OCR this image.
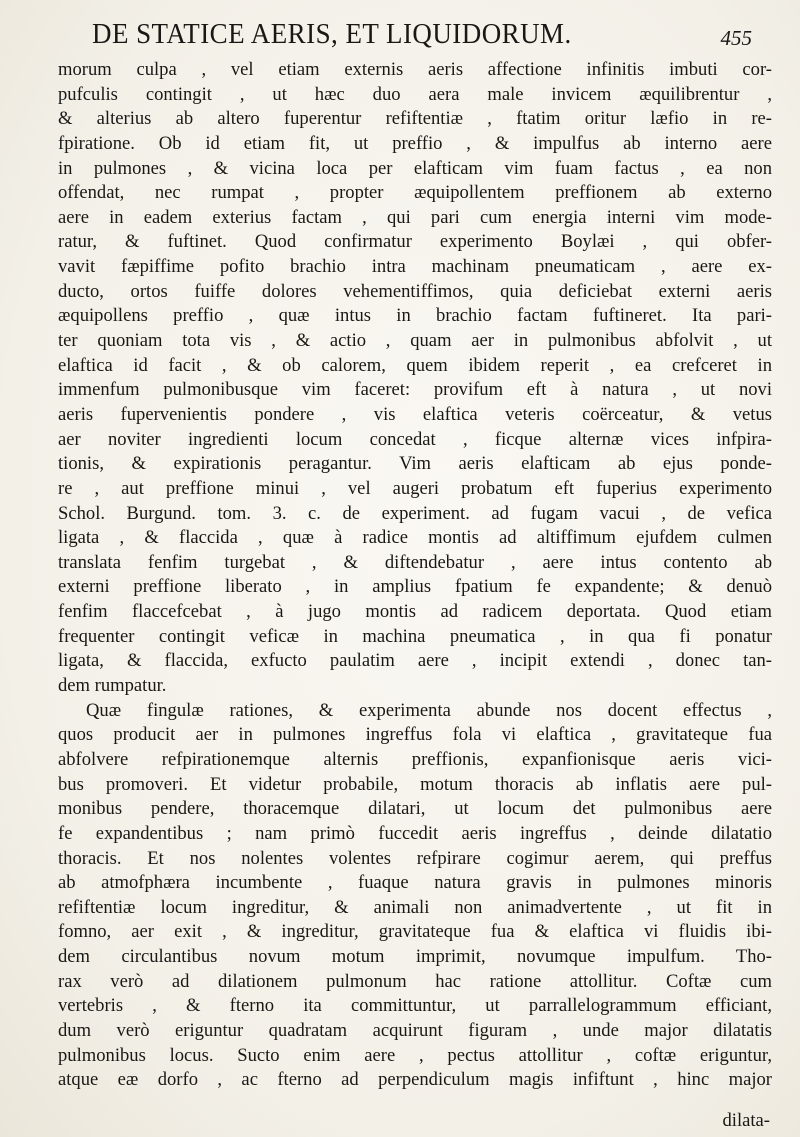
DE STATICE AERIS, ET LIQUIDORUM.	455
morum culpa , vel etiam externis aeris affectione infinitis imbuti cor-
pufculis contingit , ut hæc duo aera male invicem æquilibrentur ,
& alterius ab altero fuperentur refiftentiæ , ftatim oritur læfio in re-
fpiratione. Ob id etiam fit, ut preffio , & impulfus ab interno aere
in pulmones , & vicina loca per elafticam vim fuam factus , ea non
offendat, nec rumpat , propter æquipollentem preffionem ab externo
aere in eadem exterius factam , qui pari cum energia interni vim mode-
ratur, & fuftinet. Quod confirmatur experimento Boylæi , qui obfer-
vavit fæpiffime pofito brachio intra machinam pneumaticam , aere ex-
ducto, ortos fuiffe dolores vehementiffimos, quia deficiebat externi aeris
æquipollens preffio , quæ intus in brachio factam fuftineret. Ita pari-
ter quoniam tota vis , & actio , quam aer in pulmonibus abfolvit , ut
elaftica id facit , & ob calorem, quem ibidem reperit , ea crefceret in
immenfum pulmonibusque vim faceret: provifum eft à natura , ut novi
aeris fupervenientis pondere , vis elaftica veteris coërceatur, & vetus
aer noviter ingredienti locum concedat , ficque alternæ vices infpira-
tionis, & expirationis peragantur. Vim aeris elafticam ab ejus ponde-
re , aut preffione minui , vel augeri probatum eft fuperius experimento
Schol. Burgund. tom. 3. c. de experiment. ad fugam vacui , de vefica
ligata , & flaccida , quæ à radice montis ad altiffimum ejufdem culmen
translata fenfim turgebat , & diftendebatur , aere intus contento ab
externi preffione liberato , in amplius fpatium fe expandente; & denuò
fenfim flaccefcebat , à jugo montis ad radicem deportata. Quod etiam
frequenter contingit veficæ in machina pneumatica , in qua fi ponatur
ligata, & flaccida, exfucto paulatim aere , incipit extendi , donec tan-
dem rumpatur.
Quæ fingulæ rationes, & experimenta abunde nos docent effectus ,
quos producit aer in pulmones ingreffus fola vi elaftica , gravitateque fua
abfolvere refpirationemque alternis preffionis, expanfionisque aeris vici-
bus promoveri. Et videtur probabile, motum thoracis ab inflatis aere pul-
monibus pendere, thoracemque dilatari, ut locum det pulmonibus aere
fe expandentibus ; nam primò fuccedit aeris ingreffus , deinde dilatatio
thoracis. Et nos nolentes volentes refpirare cogimur aerem, qui preffus
ab atmofphæra incumbente , fuaque natura gravis in pulmones minoris
refiftentiæ locum ingreditur, & animali non animadvertente , ut fit in
fomno, aer exit , & ingreditur, gravitateque fua & elaftica vi fluidis ibi-
dem circulantibus novum motum imprimit, novumque impulfum. Tho-
rax verò ad dilationem pulmonum hac ratione attollitur. Coftæ cum
vertebris , & fterno ita committuntur, ut parrallelogrammum efficiant,
dum verò eriguntur quadratam acquirunt figuram , unde major dilatatis
pulmonibus locus. Sucto enim aere , pectus attollitur , coftæ eriguntur,
atque eæ dorfo , ac fterno ad perpendiculum magis infiftunt , hinc major
dilata-
